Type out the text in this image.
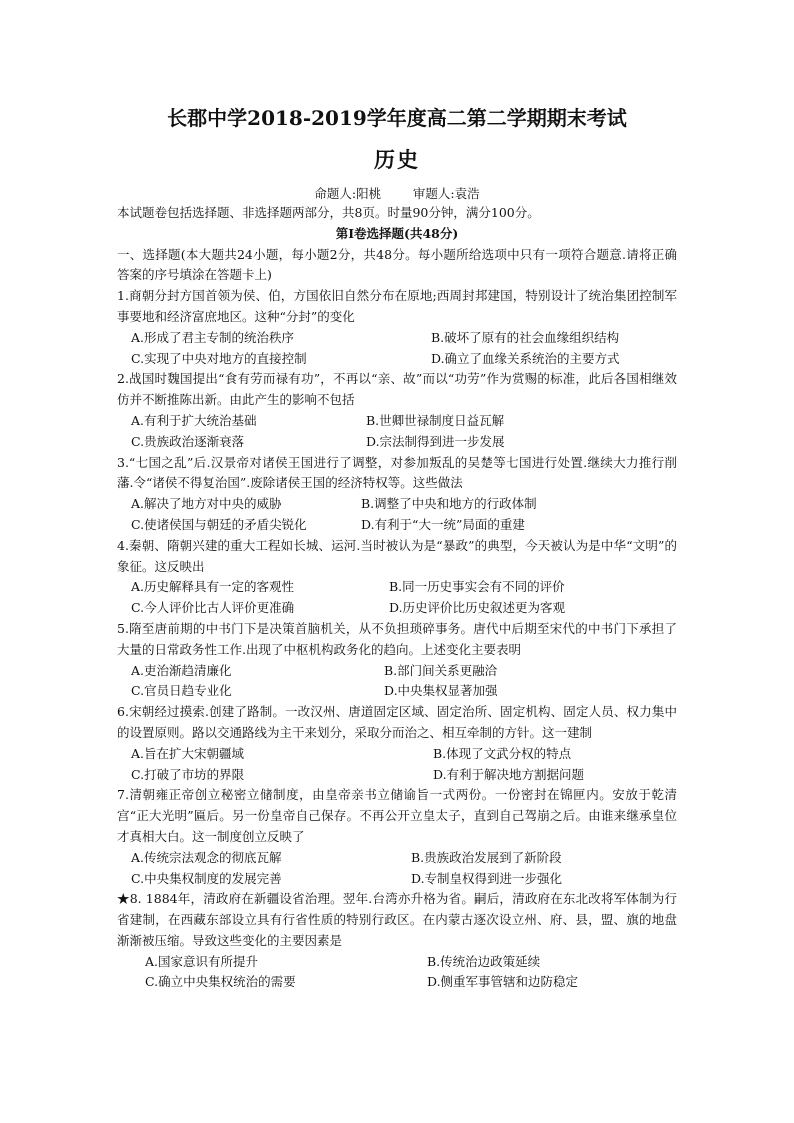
长郡中学2018-2019学年度高二第二学期期末考试
历史
命题人:阳桃        审题人:袁浩
本试题卷包括选择题、非选择题两部分，共8页。时量90分钟，满分100分。
第Ⅰ卷选择题(共48分)
一、选择题(本大题共24小题，每小题2分，共48分。每小题所给选项中只有一项符合题意.请将正确答案的序号填涂在答题卡上)
1.商朝分封方国首领为侯、伯，方国依旧自然分布在原地;西周封邦建国，特别设计了统治集团控制军事要地和经济富庶地区。这种“分封”的变化
A.形成了君主专制的统治秩序	B.破坏了原有的社会血缘组织结构
C.实现了中央对地方的直接控制	D.确立了血缘关系统治的主要方式
2.战国时魏国提出“食有劳而禄有功”，不再以“亲、故”而以“功劳”作为赏赐的标准，此后各国相继效仿并不断推陈出新。由此产生的影响不包括
A.有利于扩大统治基础	B.世卿世禄制度日益瓦解
C.贵族政治逐渐衰落	D.宗法制得到进一步发展
3.“七国之乱”后.汉景帝对诸侯王国进行了调整，对参加叛乱的吴楚等七国进行处置.继续大力推行削藩.令“诸侯不得复治国”.废除诸侯王国的经济特权等。这些做法
A.解决了地方对中央的威胁	B.调整了中央和地方的行政体制
C.使诸侯国与朝廷的矛盾尖锐化	D.有利于“大一统”局面的重建
4.秦朝、隋朝兴建的重大工程如长城、运河.当时被认为是“暴政”的典型，今天被认为是中华“文明”的象征。这反映出
A.历史解释具有一定的客观性	B.同一历史事实会有不同的评价
C.今人评价比古人评价更准确	D.历史评价比历史叙述更为客观
5.隋至唐前期的中书门下是决策首脑机关，从不负担琐碎事务。唐代中后期至宋代的中书门下承担了大量的日常政务性工作.出现了中枢机构政务化的趋向。上述变化主要表明
A.吏治渐趋清廉化	B.部门间关系更融洽
C.官员日趋专业化	D.中央集权显著加强
6.宋朝经过摸索.创建了路制。一改汉州、唐道固定区域、固定治所、固定机构、固定人员、权力集中的设置原则。路以交通路线为主干来划分，采取分而治之、相互牵制的方针。这一建制
A.旨在扩大宋朝疆域	B.体现了文武分权的特点
C.打破了市坊的界限	D.有利于解决地方割据问题
7.清朝雍正帝创立秘密立储制度，由皇帝亲书立储谕旨一式两份。一份密封在锦匣内。安放于乾清宫“正大光明”匾后。另一份皇帝自己保存。不再公开立皇太子，直到自己驾崩之后。由谁来继承皇位才真相大白。这一制度创立反映了
A.传统宗法观念的彻底瓦解	B.贵族政治发展到了新阶段
C.中央集权制度的发展完善	D.专制皇权得到进一步强化
★8. 1884年，清政府在新疆设省治理。翌年.台湾亦升格为省。嗣后，清政府在东北改将军体制为行省建制，在西藏东部设立具有行省性质的特别行政区。在内蒙古逐次设立州、府、县，盟、旗的地盘渐渐被压缩。导致这些变化的主要因素是
A.国家意识有所提升	B.传统治边政策延续
C.确立中央集权统治的需要	D.侧重军事管辖和边防稳定
